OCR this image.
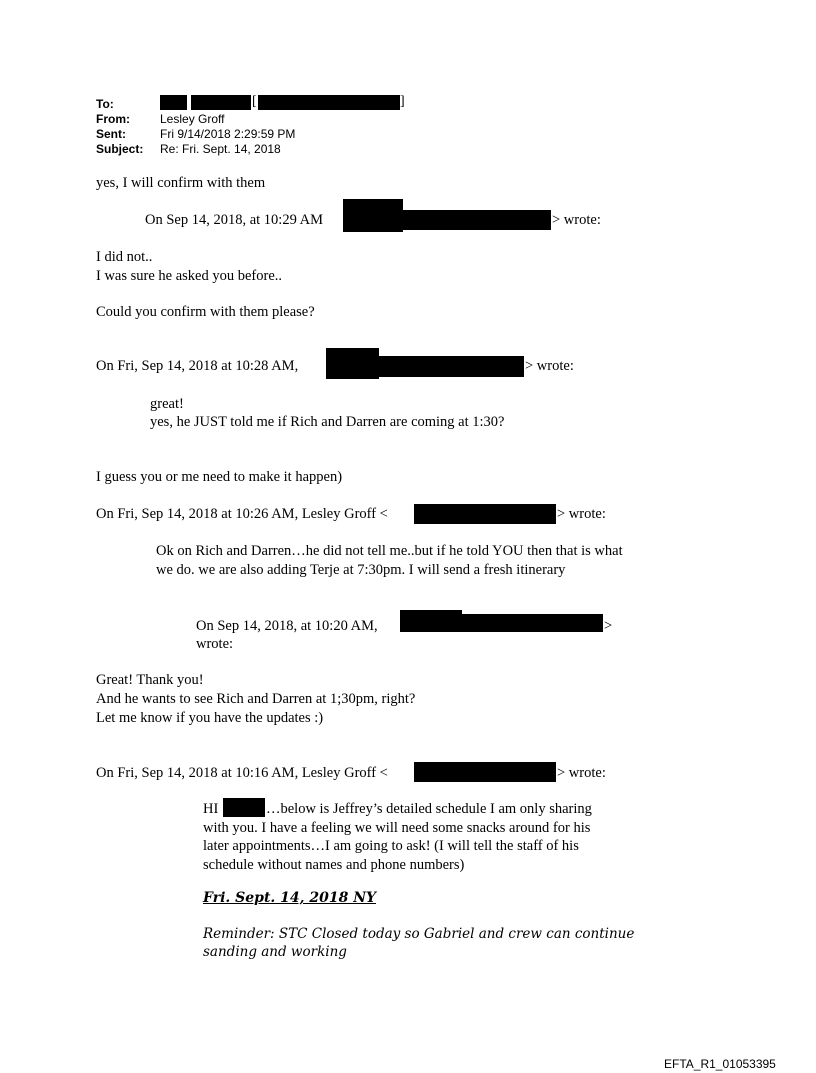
To:	[	]
From:	Lesley Groff
Sent:	Fri 9/14/2018 2:29:59 PM
Subject: Re: Fri. Sept. 14, 2018
yes, I will confirm with them
On Sep 14, 2018, at 10:29 AM	> wrote:
I did not..
I was sure he asked you before..
Could you confirm with them please?
On Fri, Sep 14, 2018 at 10:28 AM,	> wrote:
great!
yes, he JUST told me if Rich and Darren are coming at 1:30?
I guess you or me need to make it happen)
On Fri, Sep 14, 2018 at 10:26 AM, Lesley Groff <	> wrote:
Ok on Rich and Darren…he did not tell me..but if he told YOU then that is what
we do. we are also adding Terje at 7:30pm. I will send a fresh itinerary
On Sep 14, 2018, at 10:20 AM,	>
wrote:
Great! Thank you!
And he wants to see Rich and Darren at 1;30pm, right?
Let me know if you have the updates :)
On Fri, Sep 14, 2018 at 10:16 AM, Lesley Groff <	> wrote:
HI	…below is Jeffrey’s detailed schedule I am only sharing
with you. I have a feeling we will need some snacks around for his
later appointments…I am going to ask! (I will tell the staff of his
schedule without names and phone numbers)
Fri. Sept. 14, 2018 NY
Reminder: STC Closed today so Gabriel and crew can continue
sanding and working
EFTA_R1_01053395
